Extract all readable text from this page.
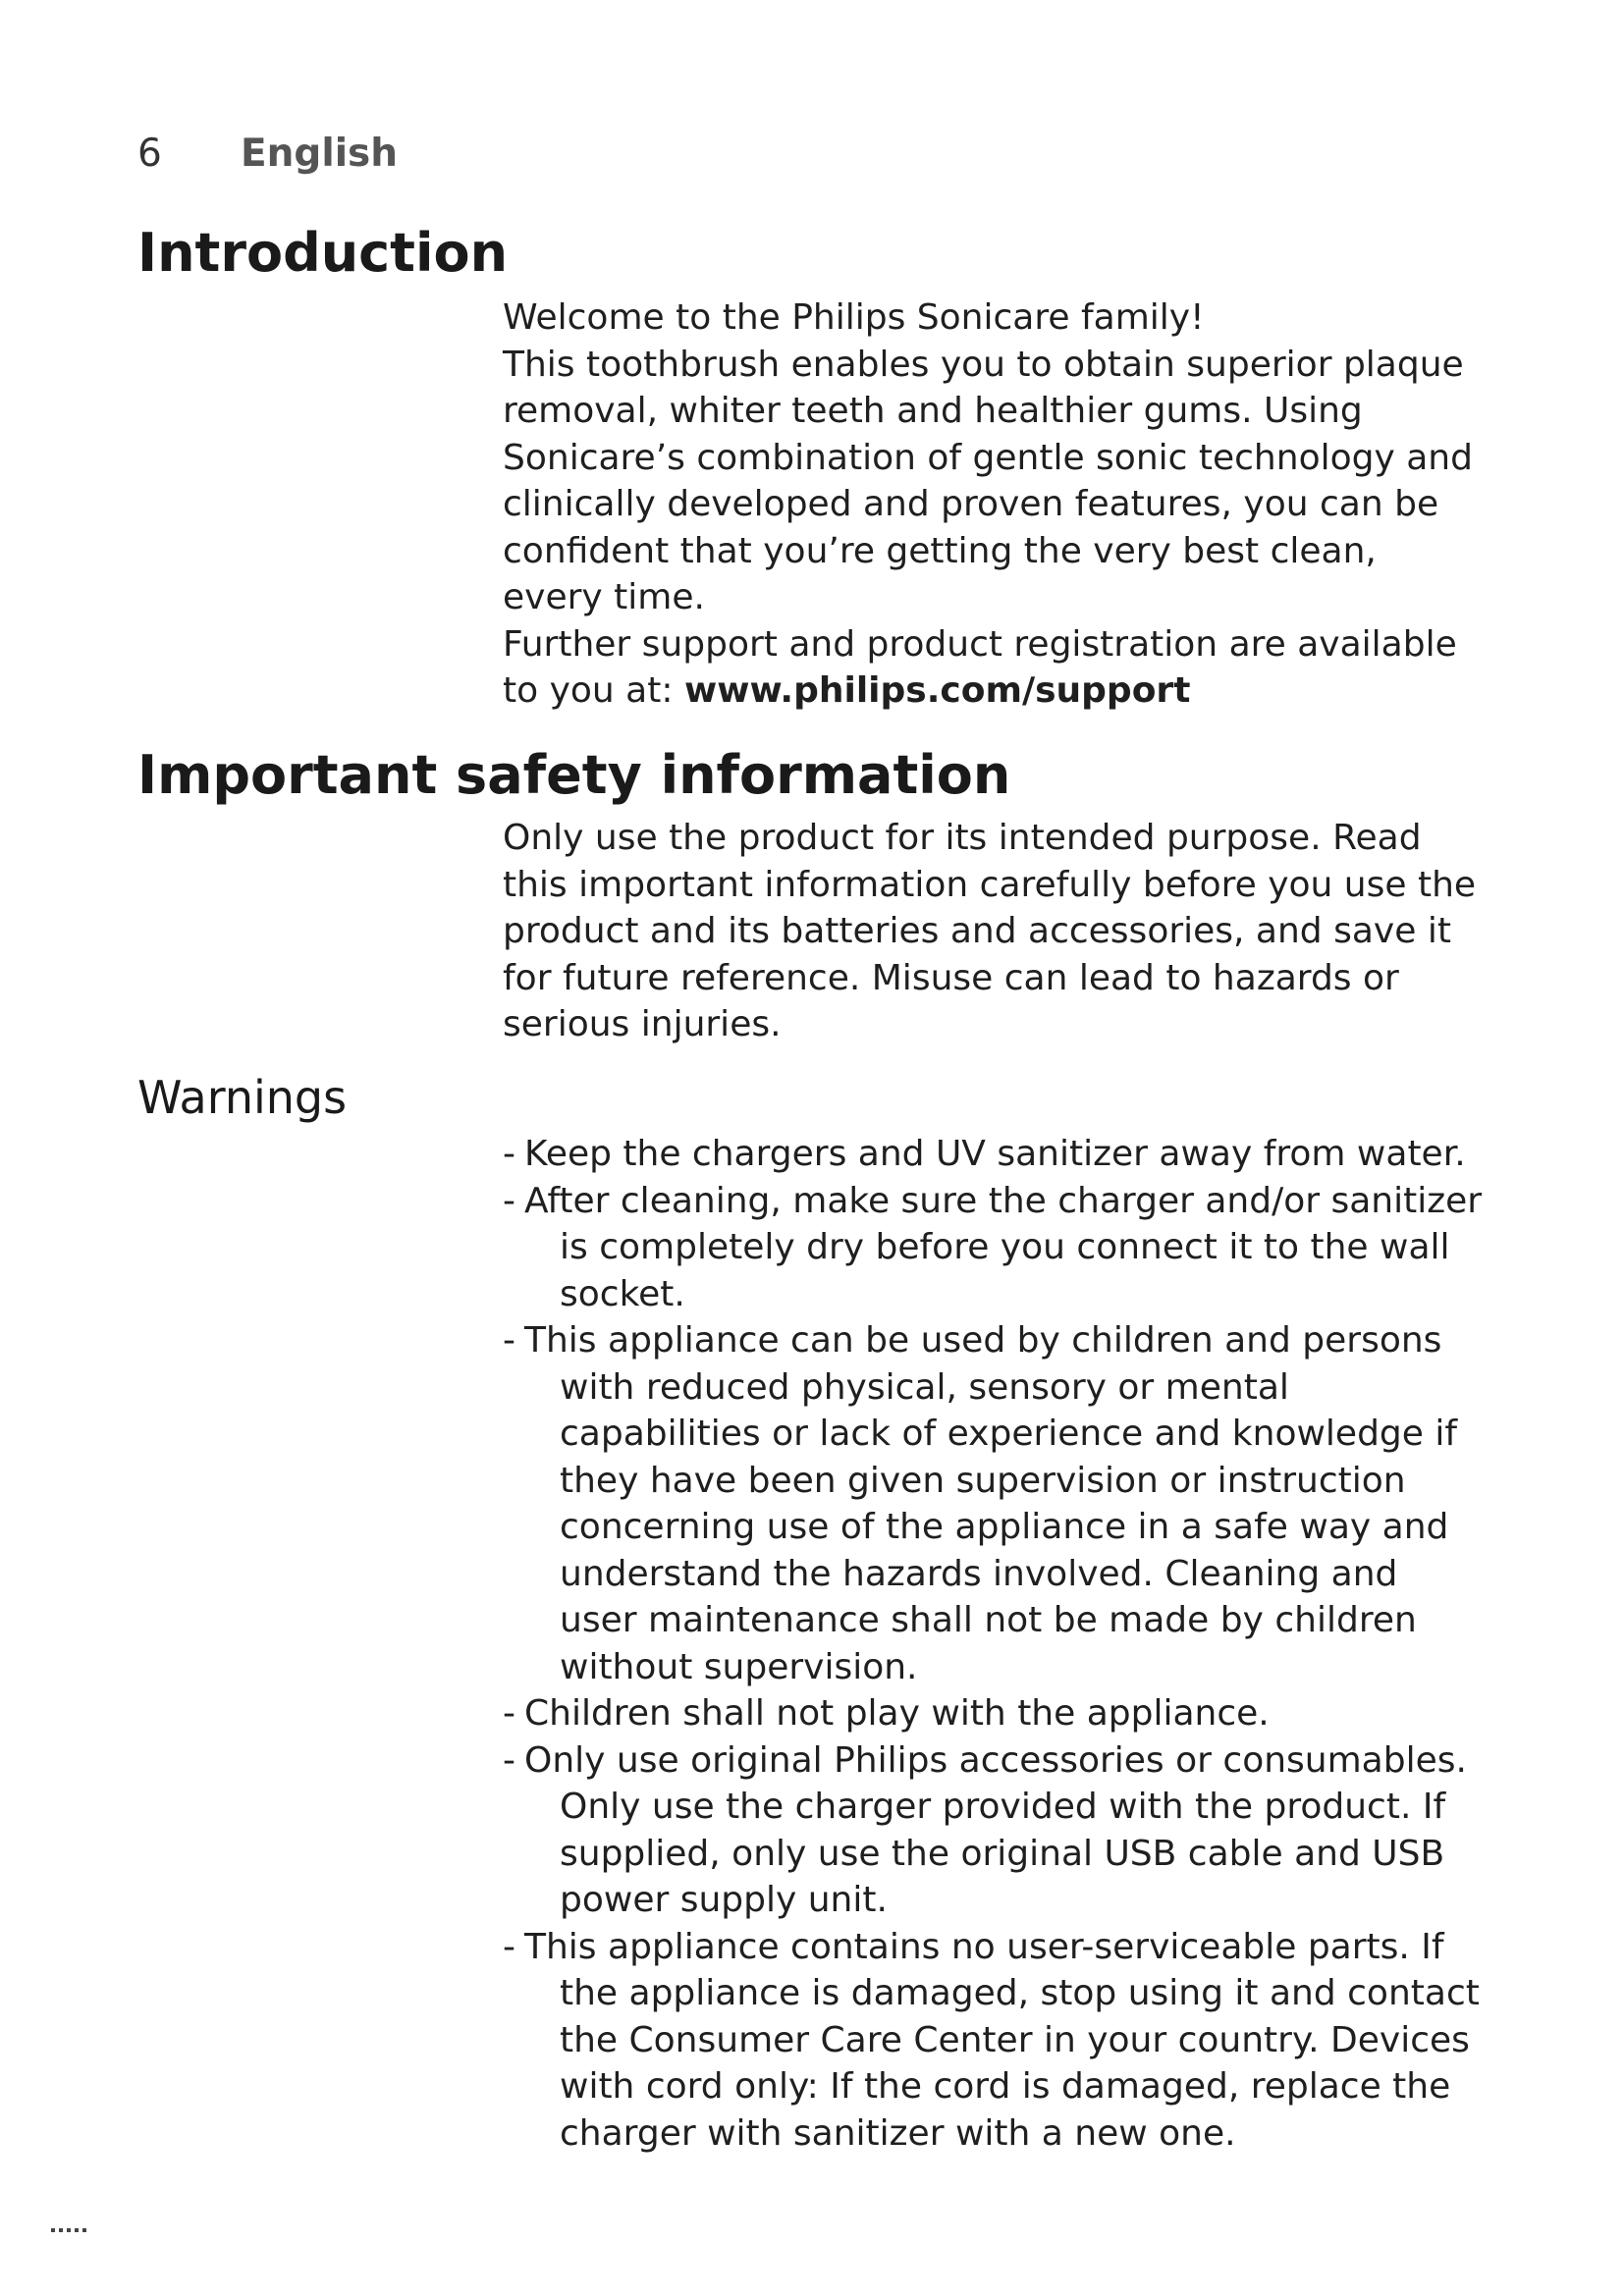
6 English
Introduction

Welcome to the Philips Sonicare family!

This toothbrush enables you to obtain superior plaque removal, whiter teeth and healthier gums. Using Sonicare’s combination of gentle sonic technology and clinically developed and proven features, you can be confident that you’re getting the very best clean, every time.

Further support and product registration are available to you at: www.philips.com/support

Important safety information

Only use the product for its intended purpose. Read this important information carefully before you use the product and its batteries and accessories, and save it for future reference. Misuse can lead to hazards or serious injuries.

Warnings
- Keep the chargers and UV sanitizer away from water.
- After cleaning, make sure the charger and/or sanitizer is completely dry before you connect it to the wall socket.
- This appliance can be used by children and persons with reduced physical, sensory or mental capabilities or lack of experience and knowledge if they have been given supervision or instruction concerning use of the appliance in a safe way and understand the hazards involved. Cleaning and user maintenance shall not be made by children without supervision.
- Children shall not play with the appliance.
- Only use original Philips accessories or consumables. Only use the charger provided with the product. If supplied, only use the original USB cable and USB power supply unit.
- This appliance contains no user-serviceable parts. If the appliance is damaged, stop using it and contact the Consumer Care Center in your country. Devices with cord only: If the cord is damaged, replace the charger with sanitizer with a new one.
